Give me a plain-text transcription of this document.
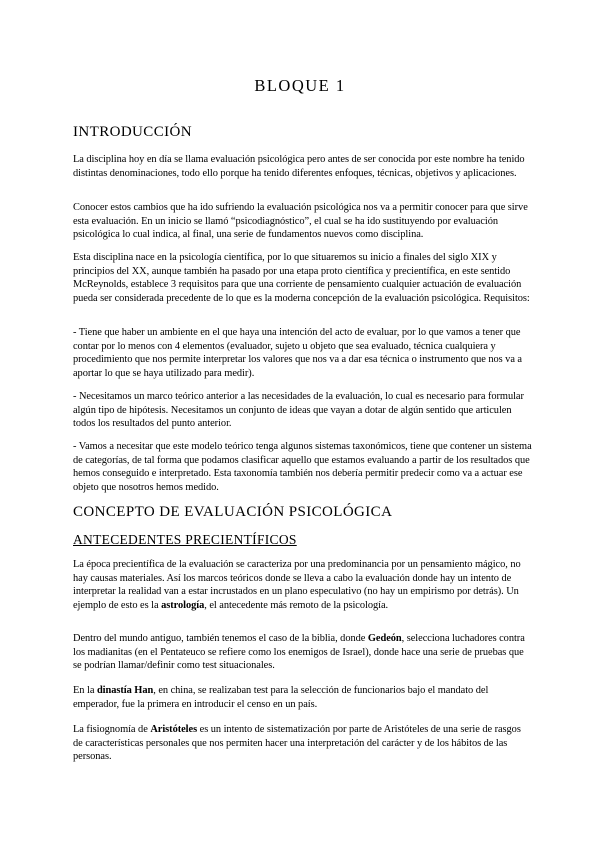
BLOQUE 1
INTRODUCCIÓN
La disciplina hoy en día se llama evaluación psicológica pero antes de ser conocida por este nombre ha tenido distintas denominaciones, todo ello porque ha tenido diferentes enfoques, técnicas, objetivos y aplicaciones.
Conocer estos cambios que ha ido sufriendo la evaluación psicológica nos va a permitir conocer para que sirve esta evaluación. En un inicio se llamó “psicodiagnóstico”, el cual se ha ido sustituyendo por evaluación psicológica lo cual indica, al final, una serie de fundamentos nuevos como disciplina.
Esta disciplina nace en la psicología científica, por lo que situaremos su inicio a finales del siglo XIX y principios del XX, aunque también ha pasado por una etapa proto científica y precientífica, en este sentido McReynolds, establece 3 requisitos para que una corriente de pensamiento cualquier actuación de evaluación pueda ser considerada precedente de lo que es la moderna concepción de la evaluación psicológica. Requisitos:
- Tiene que haber un ambiente en el que haya una intención del acto de evaluar, por lo que vamos a tener que contar por lo menos con 4 elementos (evaluador, sujeto u objeto que sea evaluado, técnica cualquiera y procedimiento que nos permite interpretar los valores que nos va a dar esa técnica o instrumento que nos va a aportar lo que se haya utilizado para medir).
- Necesitamos un marco teórico anterior a las necesidades de la evaluación, lo cual es necesario para formular algún tipo de hipótesis. Necesitamos un conjunto de ideas que vayan a dotar de algún sentido que articulen todos los resultados del punto anterior.
- Vamos a necesitar que este modelo teórico tenga algunos sistemas taxonómicos, tiene que contener un sistema de categorías, de tal forma que podamos clasificar aquello que estamos evaluando a partir de los resultados que hemos conseguido e interpretado. Esta taxonomía también nos debería permitir predecir como va a actuar ese objeto que nosotros hemos medido.
CONCEPTO DE EVALUACIÓN PSICOLÓGICA
ANTECEDENTES PRECIENTÍFICOS
La época precientífica de la evaluación se caracteriza por una predominancia por un pensamiento mágico, no hay causas materiales. Así los marcos teóricos donde se lleva a cabo la evaluación donde hay un intento de interpretar la realidad van a estar incrustados en un plano especulativo (no hay un empirismo por detrás). Un ejemplo de esto es la astrología, el antecedente más remoto de la psicología.
Dentro del mundo antiguo, también tenemos el caso de la biblia, donde Gedeón, selecciona luchadores contra los madianitas (en el Pentateuco se refiere como los enemigos de Israel), donde hace una serie de pruebas que se podrían llamar/definir como test situacionales.
En la dinastía Han, en china, se realizaban test para la selección de funcionarios bajo el mandato del emperador, fue la primera en introducir el censo en un país.
La fisiognomía de Aristóteles es un intento de sistematización por parte de Aristóteles de una serie de rasgos de características personales que nos permiten hacer una interpretación del carácter y de los hábitos de las personas.
